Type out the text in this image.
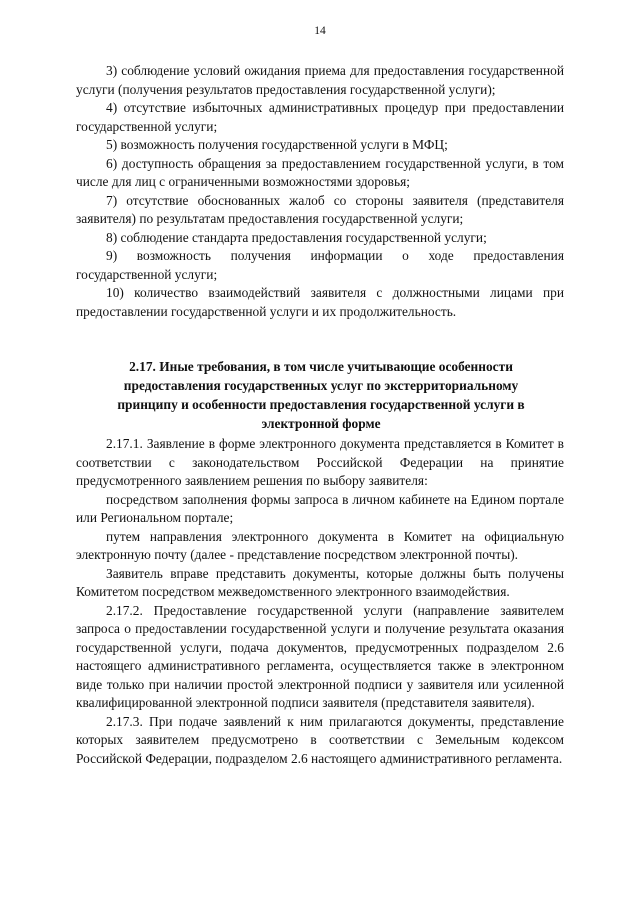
14

3) соблюдение условий ожидания приема для предоставления государственной услуги (получения результатов предоставления государственной услуги);

4) отсутствие избыточных административных процедур при предоставлении государственной услуги;

5) возможность получения государственной услуги в МФЦ;

6) доступность обращения за предоставлением государственной услуги, в том числе для лиц с ограниченными возможностями здоровья;

7) отсутствие обоснованных жалоб со стороны заявителя (представителя заявителя) по результатам предоставления государственной услуги;

8) соблюдение стандарта предоставления государственной услуги;

9) возможность получения информации о ходе предоставления государственной услуги;

10) количество взаимодействий заявителя с должностными лицами при предоставлении государственной услуги и их продолжительность.

2.17. Иные требования, в том числе учитывающие особенности предоставления государственных услуг по экстерриториальному принципу и особенности предоставления государственной услуги в электронной форме

2.17.1. Заявление в форме электронного документа представляется в Комитет в соответствии с законодательством Российской Федерации на принятие предусмотренного заявлением решения по выбору заявителя:

посредством заполнения формы запроса в личном кабинете на Едином портале или Региональном портале;

путем направления электронного документа в Комитет на официальную электронную почту (далее - представление посредством электронной почты).

Заявитель вправе представить документы, которые должны быть получены Комитетом посредством межведомственного электронного взаимодействия.

2.17.2. Предоставление государственной услуги (направление заявителем запроса о предоставлении государственной услуги и получение результата оказания государственной услуги, подача документов, предусмотренных подразделом 2.6 настоящего административного регламента, осуществляется также в электронном виде только при наличии простой электронной подписи у заявителя или усиленной квалифицированной электронной подписи заявителя (представителя заявителя).

2.17.3. При подаче заявлений к ним прилагаются документы, представление которых заявителем предусмотрено в соответствии с Земельным кодексом Российской Федерации, подразделом 2.6 настоящего административного регламента.
